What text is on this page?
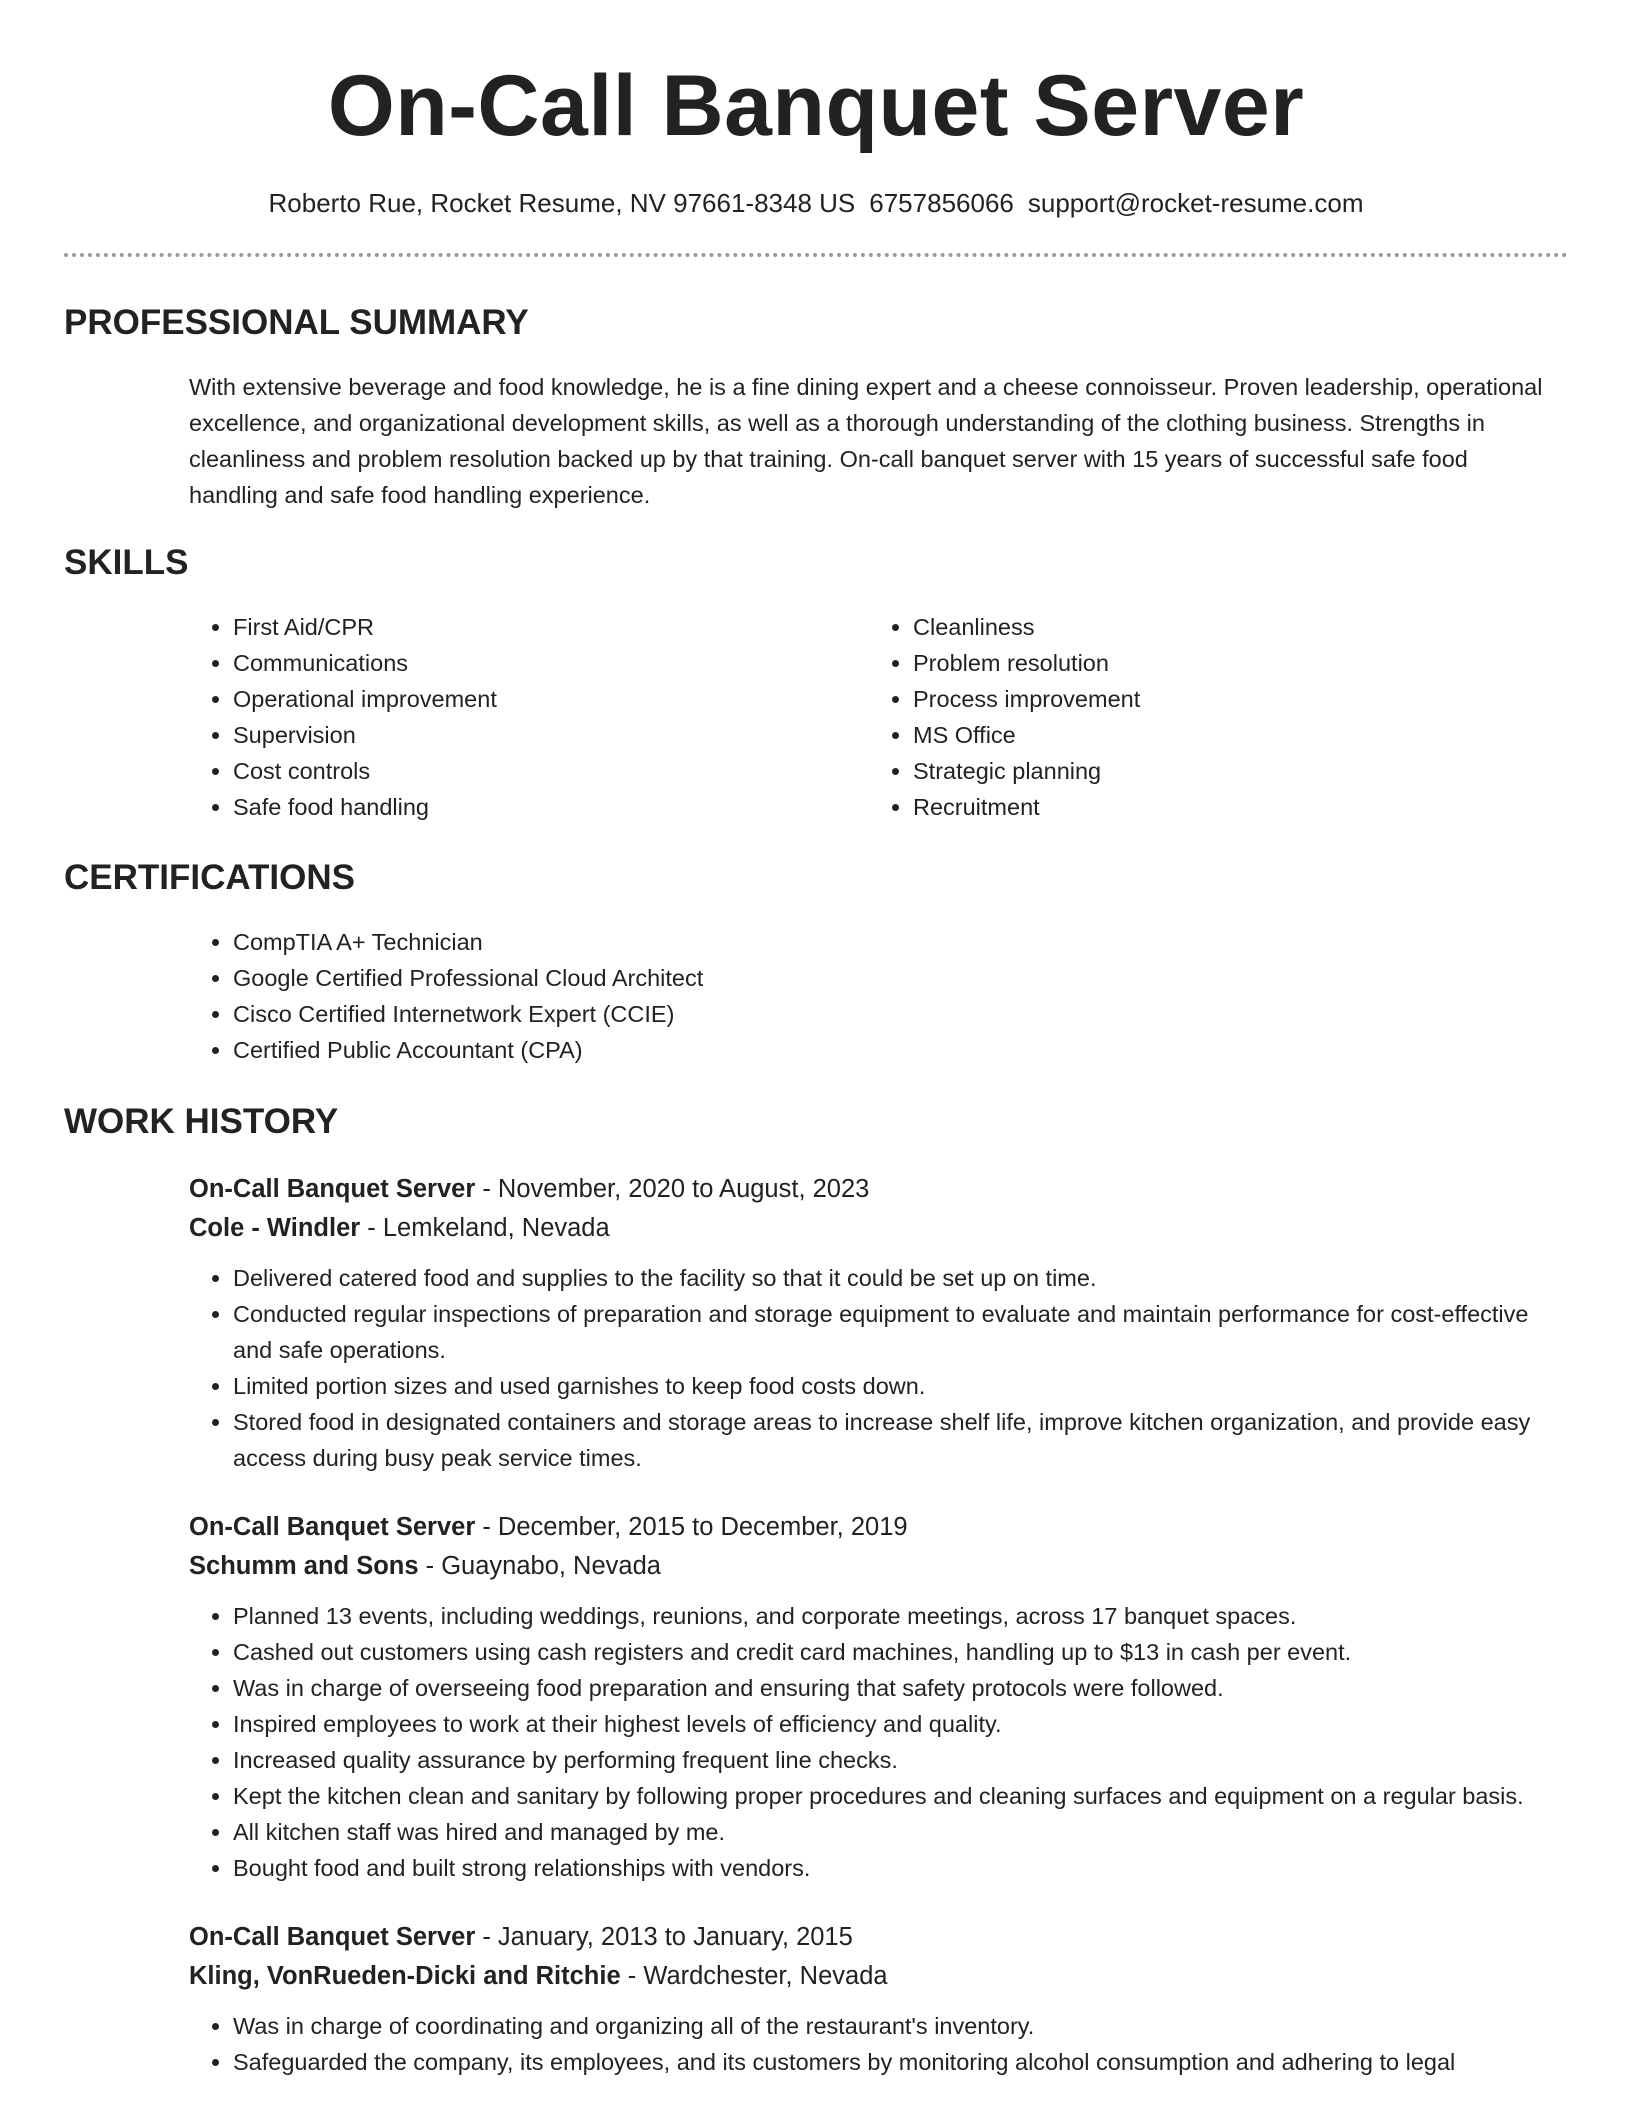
On-Call Banquet Server
Roberto Rue, Rocket Resume, NV 97661-8348 US 6757856066 support@rocket-resume.com
PROFESSIONAL SUMMARY

With extensive beverage and food knowledge, he is a fine dining expert and a cheese connoisseur. Proven leadership, operational excellence, and organizational development skills, as well as a thorough understanding of the clothing business. Strengths in cleanliness and problem resolution backed up by that training. On-call banquet server with 15 years of successful safe food handling and safe food handling experience.

SKILLS
• First Aid/CPR
• Communications
• Operational improvement
• Supervision
• Cost controls
• Safe food handling
• Cleanliness
• Problem resolution
• Process improvement
• MS Office
• Strategic planning
• Recruitment
CERTIFICATIONS
• CompTIA A+ Technician
• Google Certified Professional Cloud Architect
• Cisco Certified Internetwork Expert (CCIE)
• Certified Public Accountant (CPA)
WORK HISTORY
On-Call Banquet Server - November, 2020 to August, 2023
Cole - Windler - Lemkeland, Nevada
• Delivered catered food and supplies to the facility so that it could be set up on time.
• Conducted regular inspections of preparation and storage equipment to evaluate and maintain performance for cost-effective and safe operations.
• Limited portion sizes and used garnishes to keep food costs down.
• Stored food in designated containers and storage areas to increase shelf life, improve kitchen organization, and provide easy access during busy peak service times.
On-Call Banquet Server - December, 2015 to December, 2019
Schumm and Sons - Guaynabo, Nevada
• Planned 13 events, including weddings, reunions, and corporate meetings, across 17 banquet spaces.
• Cashed out customers using cash registers and credit card machines, handling up to $13 in cash per event.
• Was in charge of overseeing food preparation and ensuring that safety protocols were followed.
• Inspired employees to work at their highest levels of efficiency and quality.
• Increased quality assurance by performing frequent line checks.
• Kept the kitchen clean and sanitary by following proper procedures and cleaning surfaces and equipment on a regular basis.
• All kitchen staff was hired and managed by me.
• Bought food and built strong relationships with vendors.
On-Call Banquet Server - January, 2013 to January, 2015
Kling, VonRueden-Dicki and Ritchie - Wardchester, Nevada
• Was in charge of coordinating and organizing all of the restaurant's inventory.
• Safeguarded the company, its employees, and its customers by monitoring alcohol consumption and adhering to legal
